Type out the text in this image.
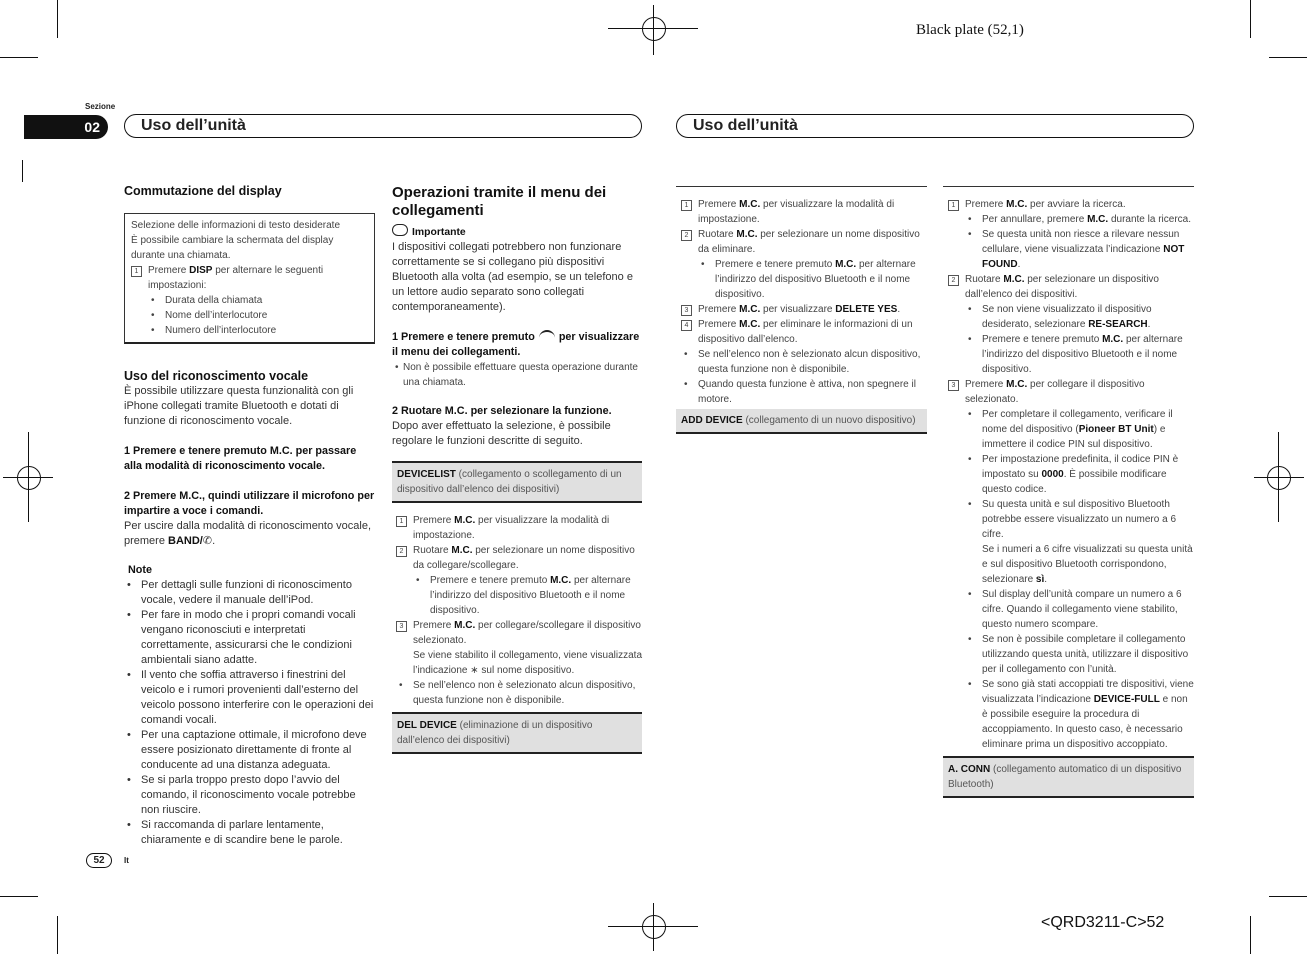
Black plate (52,1)
<QRD3211-C>52
Sezione
02	Uso dell’unità	Uso dell’unità

Commutazione del display

Selezione delle informazioni di testo desiderate

È possibile cambiare la schermata del display durante una chiamata.

1 Premere DISP per alternare le seguenti impostazioni:

• Durata della chiamata

• Nome dell’interlocutore

• Numero dell’interlocutore

Uso del riconoscimento vocale

È possibile utilizzare questa funzionalità con gli iPhone collegati tramite Bluetooth e dotati di funzione di riconoscimento vocale.

1 Premere e tenere premuto M.C. per passare alla modalità di riconoscimento vocale.

2 Premere M.C., quindi utilizzare il microfono per impartire a voce i comandi.

Per uscire dalla modalità di riconoscimento vocale, premere BAND/✆.

Note

• Per dettagli sulle funzioni di riconoscimento vocale, vedere il manuale dell’iPod.

• Per fare in modo che i propri comandi vocali vengano riconosciuti e interpretati correttamente, assicurarsi che le condizioni ambientali siano adatte.

• Il vento che soffia attraverso i finestrini del veicolo e i rumori provenienti dall’esterno del veicolo possono interferire con le operazioni dei comandi vocali.

• Per una captazione ottimale, il microfono deve essere posizionato direttamente di fronte al conducente ad una distanza adeguata.

• Se si parla troppo presto dopo l’avvio del comando, il riconoscimento vocale potrebbe non riuscire.

• Si raccomanda di parlare lentamente, chiaramente e di scandire bene le parole.

Operazioni tramite il menu dei collegamenti

Importante

I dispositivi collegati potrebbero non funzionare correttamente se si collegano più dispositivi Bluetooth alla volta (ad esempio, se un telefono e un lettore audio separato sono collegati contemporaneamente).

1 Premere e tenere premuto per visualizzare il menu dei collegamenti.

• Non è possibile effettuare questa operazione durante una chiamata.

2 Ruotare M.C. per selezionare la funzione.

Dopo aver effettuato la selezione, è possibile regolare le funzioni descritte di seguito.

DEVICELIST (collegamento o scollegamento di un dispositivo dall’elenco dei dispositivi)

1 Premere M.C. per visualizzare la modalità di impostazione.

2 Ruotare M.C. per selezionare un nome dispositivo da collegare/scollegare.

• Premere e tenere premuto M.C. per alternare l’indirizzo del dispositivo Bluetooth e il nome dispositivo.

3 Premere M.C. per collegare/scollegare il dispositivo selezionato.

Se viene stabilito il collegamento, viene visualizzata l’indicazione ∗ sul nome dispositivo.

• Se nell’elenco non è selezionato alcun dispositivo, questa funzione non è disponibile.

DEL DEVICE (eliminazione di un dispositivo dall’elenco dei dispositivi)

1 Premere M.C. per visualizzare la modalità di impostazione.

2 Ruotare M.C. per selezionare un nome dispositivo da eliminare.

• Premere e tenere premuto M.C. per alternare l’indirizzo del dispositivo Bluetooth e il nome dispositivo.

3 Premere M.C. per visualizzare DELETE YES.

4 Premere M.C. per eliminare le informazioni di un dispositivo dall’elenco.

• Se nell’elenco non è selezionato alcun dispositivo, questa funzione non è disponibile.

• Quando questa funzione è attiva, non spegnere il motore.

ADD DEVICE (collegamento di un nuovo dispositivo)

1 Premere M.C. per avviare la ricerca.

• Per annullare, premere M.C. durante la ricerca.

• Se questa unità non riesce a rilevare nessun cellulare, viene visualizzata l’indicazione NOT FOUND.

2 Ruotare M.C. per selezionare un dispositivo dall’elenco dei dispositivi.

• Se non viene visualizzato il dispositivo desiderato, selezionare RE-SEARCH.

• Premere e tenere premuto M.C. per alternare l’indirizzo del dispositivo Bluetooth e il nome dispositivo.

3 Premere M.C. per collegare il dispositivo selezionato.

• Per completare il collegamento, verificare il nome del dispositivo (Pioneer BT Unit) e immettere il codice PIN sul dispositivo.

• Per impostazione predefinita, il codice PIN è impostato su 0000. È possibile modificare questo codice.

• Su questa unità e sul dispositivo Bluetooth potrebbe essere visualizzato un numero a 6 cifre.

Se i numeri a 6 cifre visualizzati su questa unità e sul dispositivo Bluetooth corrispondono, selezionare sì.

• Sul display dell’unità compare un numero a 6 cifre. Quando il collegamento viene stabilito, questo numero scompare.

• Se non è possibile completare il collegamento utilizzando questa unità, utilizzare il dispositivo per il collegamento con l’unità.

• Se sono già stati accoppiati tre dispositivi, viene visualizzata l’indicazione DEVICE-FULL e non è possibile eseguire la procedura di accoppiamento. In questo caso, è necessario eliminare prima un dispositivo accoppiato.

A. CONN (collegamento automatico di un dispositivo Bluetooth)
52	It
